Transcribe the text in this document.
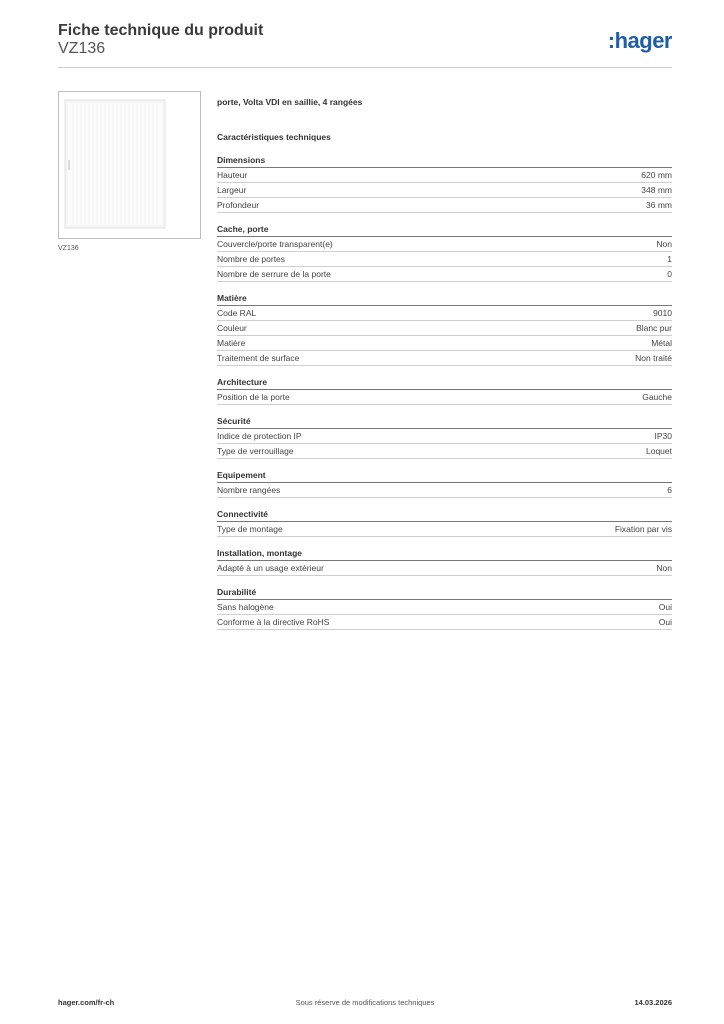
Fiche technique du produit
VZ136	:hager
VZ136
porte, Volta VDI en saillie, 4 rangées
Caractéristiques techniques
Dimensions
Hauteur	620 mm
Largeur	348 mm
Profondeur	36 mm
Cache, porte
Couvercle/porte transparent(e)	Non
Nombre de portes	1
Nombre de serrure de la porte	0
Matière
Code RAL	9010
Couleur	Blanc pur
Matière	Métal
Traitement de surface	Non traité
Architecture
Position de la porte	Gauche
Sécurité
Indice de protection IP	IP30
Type de verrouillage	Loquet
Equipement
Nombre rangées	6
Connectivité
Type de montage	Fixation par vis
Installation, montage
Adapté à un usage extérieur	Non
Durabilité
Sans halogène	Oui
Conforme à la directive RoHS	Oui
hager.com/fr-ch	Sous réserve de modifications techniques	14.03.2026
